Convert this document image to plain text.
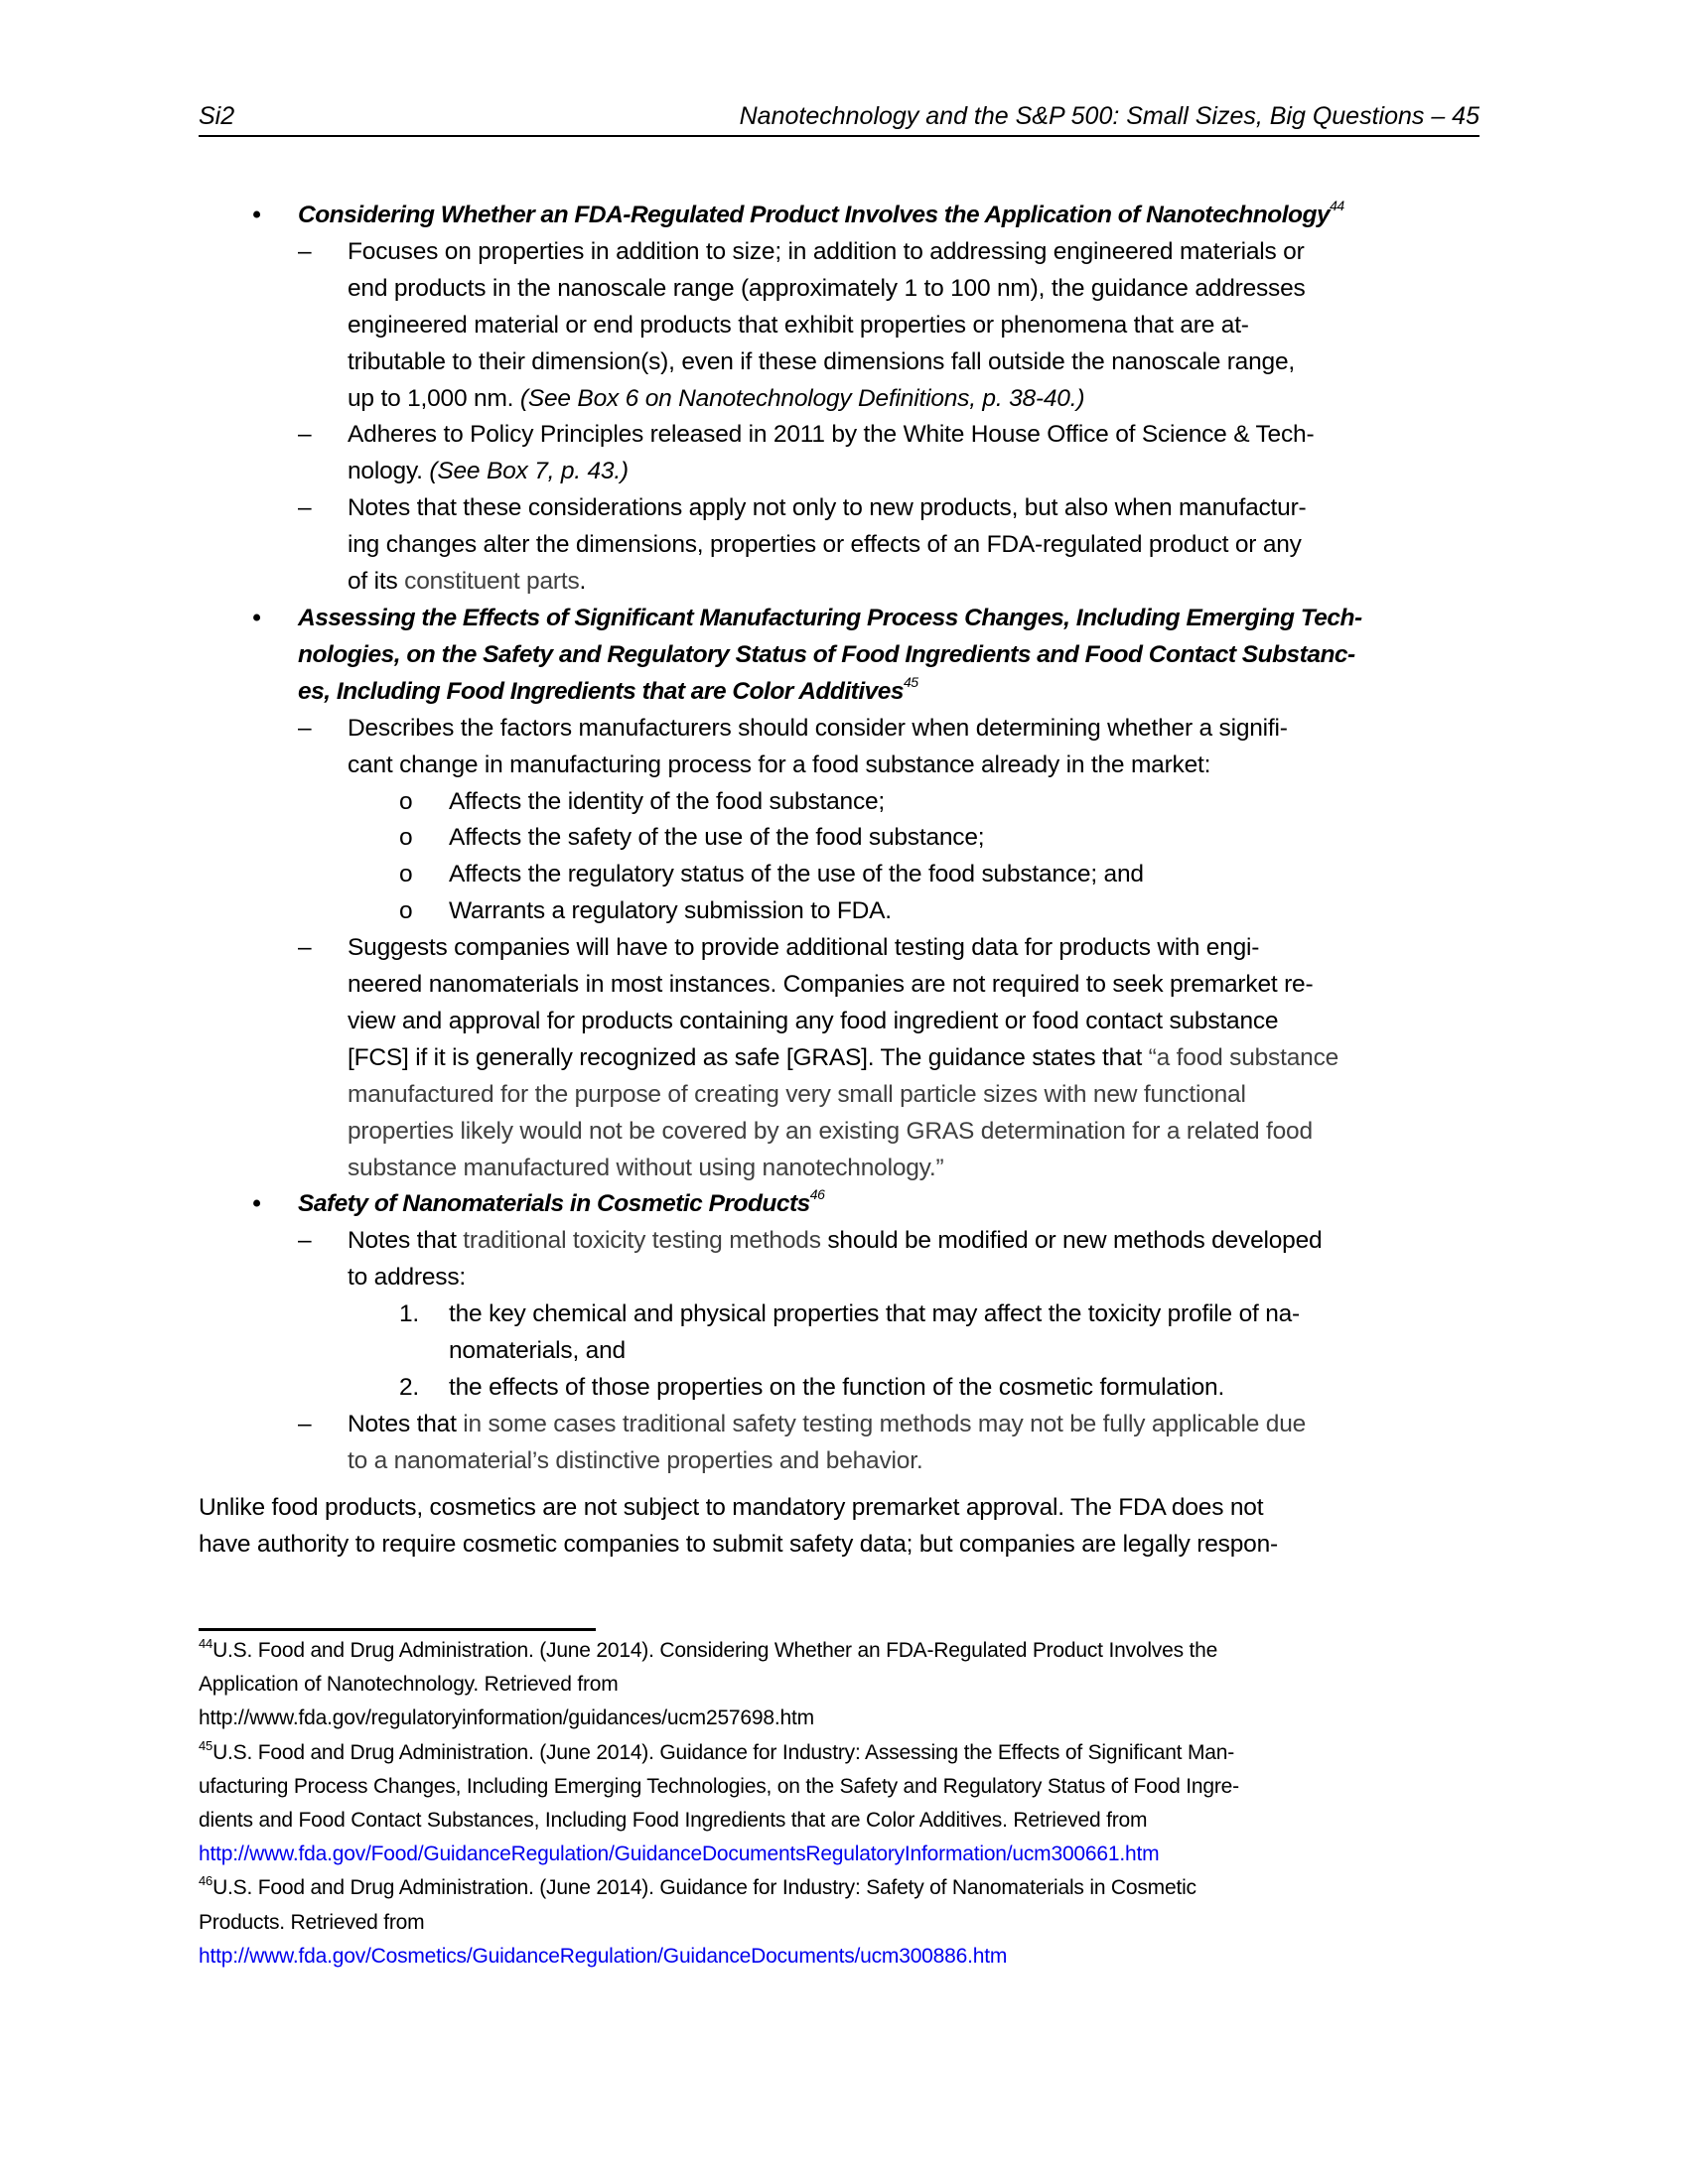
Si2	Nanotechnology and the S&P 500: Small Sizes, Big Questions – 45
• Considering Whether an FDA-Regulated Product Involves the Application of Nanotechnology$^{44}$
– Focuses on properties in addition to size; in addition to addressing engineered materials or
end products in the nanoscale range (approximately 1 to 100 nm), the guidance addresses
engineered material or end products that exhibit properties or phenomena that are at-
tributable to their dimension(s), even if these dimensions fall outside the nanoscale range,
up to 1,000 nm. (See Box 6 on Nanotechnology Definitions, p. 38-40.)
– Adheres to Policy Principles released in 2011 by the White House Office of Science & Tech-
nology. (See Box 7, p. 43.)
– Notes that these considerations apply not only to new products, but also when manufactur-
ing changes alter the dimensions, properties or effects of an FDA-regulated product or any
of its constituent parts.
• Assessing the Effects of Significant Manufacturing Process Changes, Including Emerging Tech-
nologies, on the Safety and Regulatory Status of Food Ingredients and Food Contact Substanc-
es, Including Food Ingredients that are Color Additives$^{45}$
– Describes the factors manufacturers should consider when determining whether a signifi-
cant change in manufacturing process for a food substance already in the market:
o Affects the identity of the food substance;
o Affects the safety of the use of the food substance;
o Affects the regulatory status of the use of the food substance; and
o Warrants a regulatory submission to FDA.
– Suggests companies will have to provide additional testing data for products with engi-
neered nanomaterials in most instances. Companies are not required to seek premarket re-
view and approval for products containing any food ingredient or food contact substance
[FCS] if it is generally recognized as safe [GRAS]. The guidance states that “a food substance
manufactured for the purpose of creating very small particle sizes with new functional
properties likely would not be covered by an existing GRAS determination for a related food
substance manufactured without using nanotechnology.”
• Safety of Nanomaterials in Cosmetic Products$^{46}$
– Notes that traditional toxicity testing methods should be modified or new methods developed
to address:
1. the key chemical and physical properties that may affect the toxicity profile of na-
nomaterials, and
2. the effects of those properties on the function of the cosmetic formulation.
– Notes that in some cases traditional safety testing methods may not be fully applicable due
to a nanomaterial’s distinctive properties and behavior.
Unlike food products, cosmetics are not subject to mandatory premarket approval. The FDA does not
have authority to require cosmetic companies to submit safety data; but companies are legally respon-
$^{44}$U.S. Food and Drug Administration. (June 2014). Considering Whether an FDA-Regulated Product Involves the
Application of Nanotechnology. Retrieved from
http://www.fda.gov/regulatoryinformation/guidances/ucm257698.htm
$^{45}$U.S. Food and Drug Administration. (June 2014). Guidance for Industry: Assessing the Effects of Significant Man-
ufacturing Process Changes, Including Emerging Technologies, on the Safety and Regulatory Status of Food Ingre-
dients and Food Contact Substances, Including Food Ingredients that are Color Additives. Retrieved from
http://www.fda.gov/Food/GuidanceRegulation/GuidanceDocumentsRegulatoryInformation/ucm300661.htm
$^{46}$U.S. Food and Drug Administration. (June 2014). Guidance for Industry: Safety of Nanomaterials in Cosmetic
Products. Retrieved from
http://www.fda.gov/Cosmetics/GuidanceRegulation/GuidanceDocuments/ucm300886.htm
